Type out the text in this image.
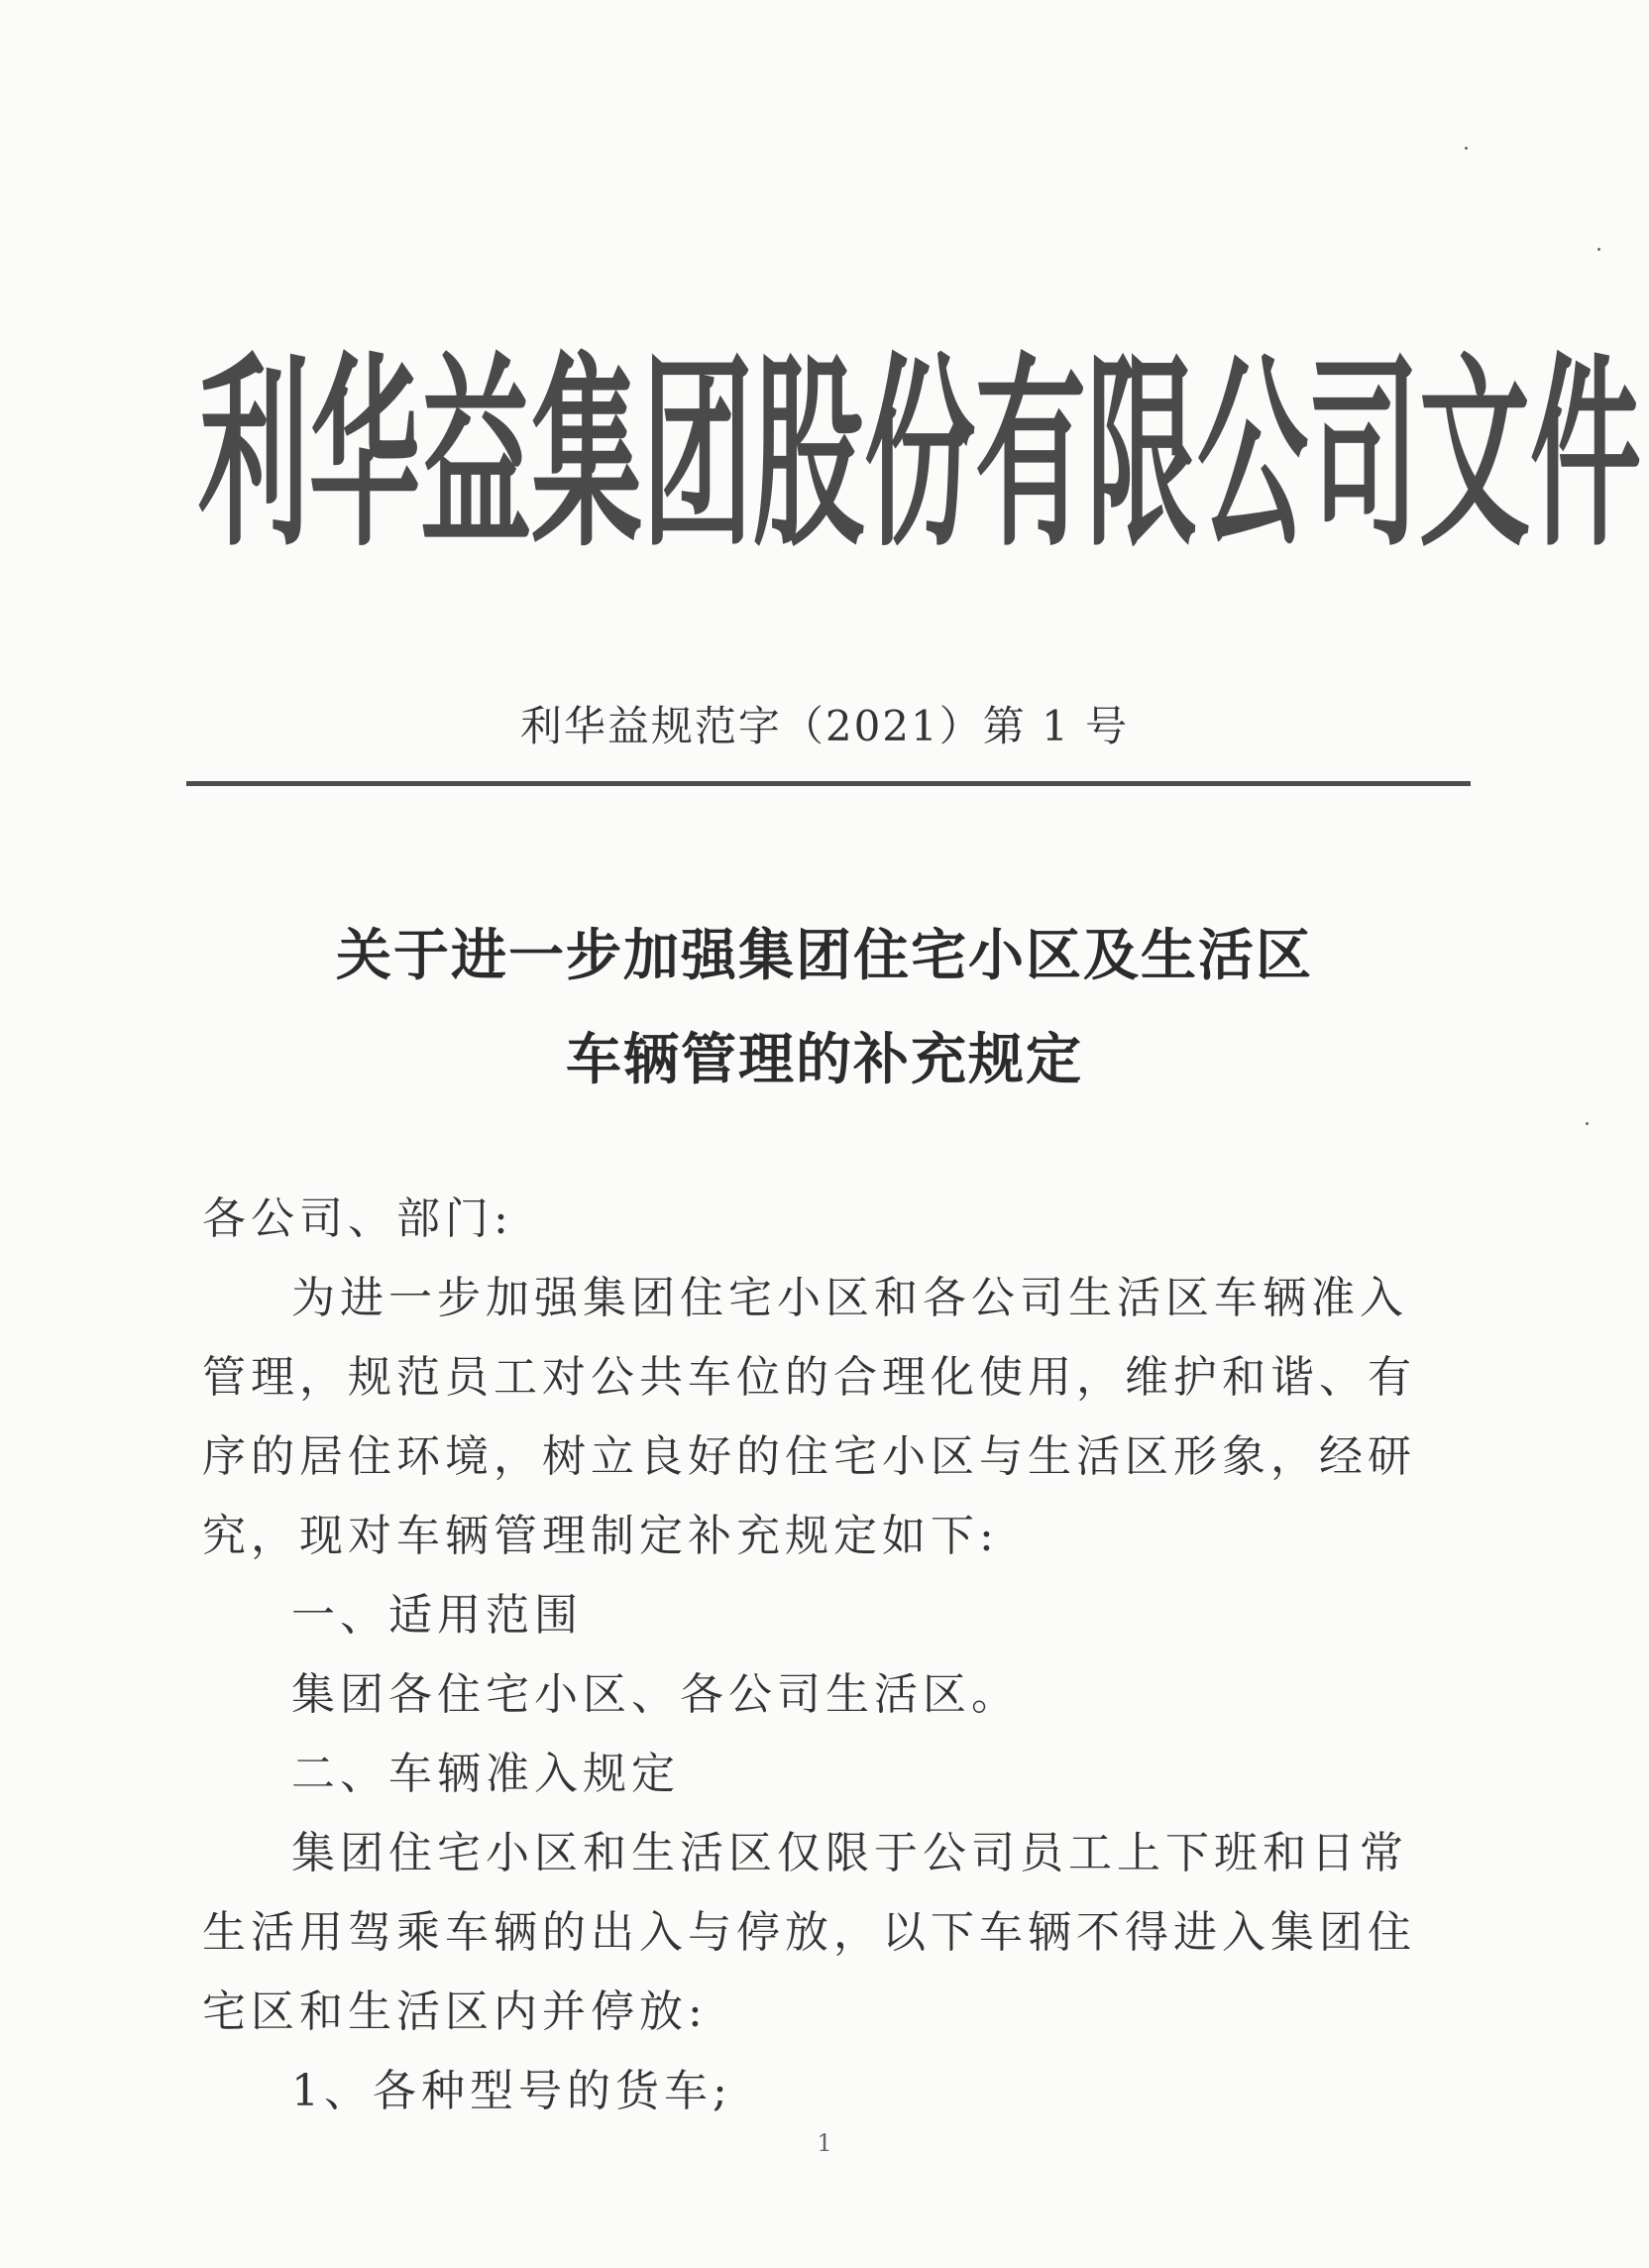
利 华 益 集 团 股 份 有 限 公 司 文 件
利华益规范字（2021）第 1 号
关于进一步加强集团住宅小区及生活区
车辆管理的补充规定

各公司、部门:

为进一步加强集团住宅小区和各公司生活区车辆准入管理，规范员工对公共车位的合理化使用，维护和谐、有序的居住环境，树立良好的住宅小区与生活区形象，经研究，现对车辆管理制定补充规定如下:

一、适用范围

集团各住宅小区、各公司生活区。

二、车辆准入规定

集团住宅小区和生活区仅限于公司员工上下班和日常生活用驾乘车辆的出入与停放，以下车辆不得进入集团住宅区和生活区内并停放:

1、各种型号的货车;

1
